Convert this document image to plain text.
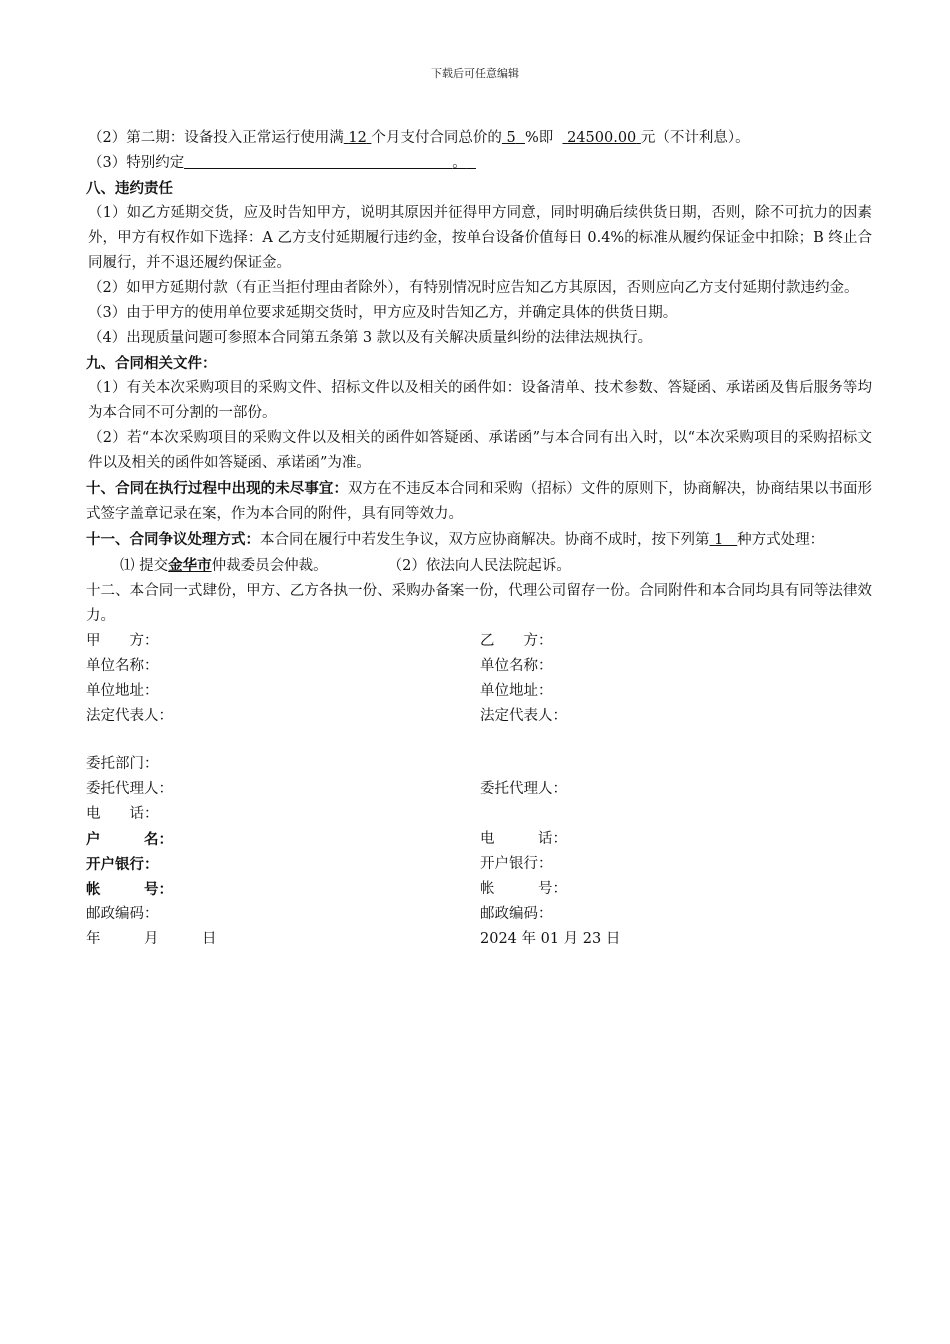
下载后可任意编辑
（2）第二期：设备投入正常运行使用满 12 个月支付合同总价的 5 %即 24500.00 元（不计利息）。
（3）特别约定	。
八、违约责任
（1）如乙方延期交货，应及时告知甲方，说明其原因并征得甲方同意，同时明确后续供货日期，否则，除不可抗力的因素外，甲方有权作如下选择：A 乙方支付延期履行违约金，按单台设备价值每日 0.4%的标准从履约保证金中扣除；B 终止合同履行，并不退还履约保证金。
（2）如甲方延期付款（有正当拒付理由者除外），有特别情况时应告知乙方其原因，否则应向乙方支付延期付款违约金。
（3）由于甲方的使用单位要求延期交货时，甲方应及时告知乙方，并确定具体的供货日期。
（4）出现质量问题可参照本合同第五条第 3 款以及有关解决质量纠纷的法律法规执行。
九、合同相关文件：
（1）有关本次采购项目的采购文件、招标文件以及相关的函件如：设备清单、技术参数、答疑函、承诺函及售后服务等均为本合同不可分割的一部份。
（2）若“本次采购项目的采购文件以及相关的函件如答疑函、承诺函”与本合同有出入时，以“本次采购项目的采购招标文件以及相关的函件如答疑函、承诺函”为准。
十、合同在执行过程中出现的未尽事宜：双方在不违反本合同和采购（招标）文件的原则下，协商解决，协商结果以书面形式签字盖章记录在案，作为本合同的附件，具有同等效力。
十一、合同争议处理方式：本合同在履行中若发生争议，双方应协商解决。协商不成时，按下列第 1 种方式处理：
⑴ 提交金华市仲裁委员会仲裁。	（2）依法向人民法院起诉。
十二、本合同一式肆份，甲方、乙方各执一份、采购办备案一份，代理公司留存一份。合同附件和本合同均具有同等法律效力。
甲　　方：	乙　　方：
单位名称：	单位名称：
单位地址：	单位地址：
法定代表人：	法定代表人：
委托部门：
委托代理人：	委托代理人：
电　　话：
户　　　名：	电　　　话：
开户银行：	开户银行：
帐　　　号：	帐　　　号：
邮政编码：	邮政编码：
年　　　月　　　日	2024 年 01 月 23 日
